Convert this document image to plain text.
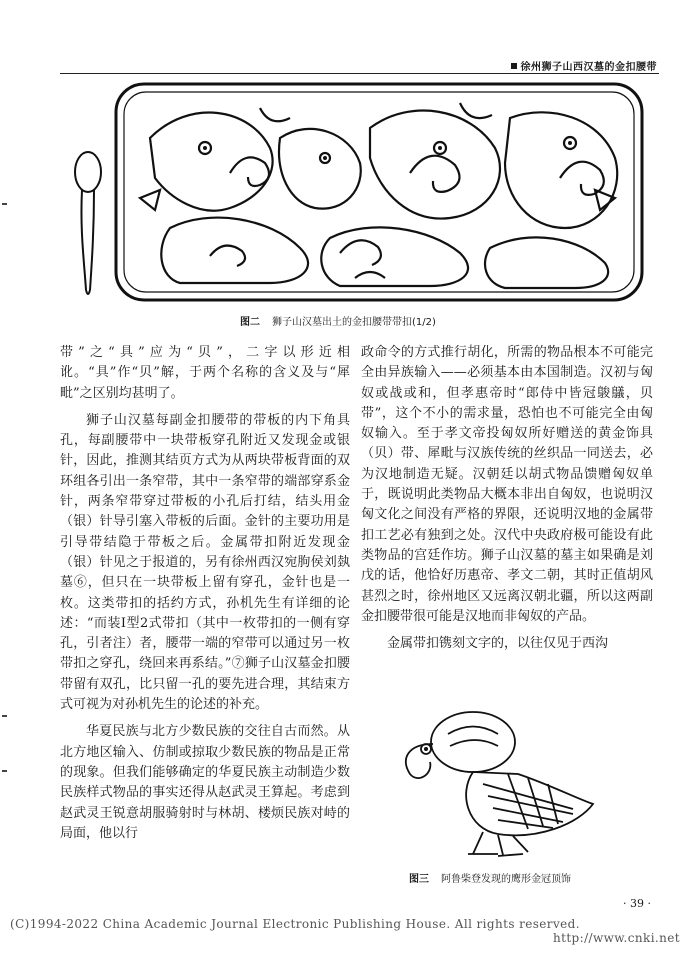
徐州狮子山西汉墓的金扣腰带
图二 狮子山汉墓出土的金扣腰带带扣(1/2)

带”之“具”应为“贝”，二字以形近相讹。“具”作“贝”解，于两个名称的含义及与“犀毗”之区别均甚明了。

狮子山汉墓每副金扣腰带的带板的内下角具孔，每副腰带中一块带板穿孔附近又发现金或银针，因此，推测其结页方式为从两块带板背面的双环组各引出一条窄带，其中一条窄带的端部穿系金针，两条窄带穿过带板的小孔后打结，结头用金（银）针导引塞入带板的后面。金针的主要功用是引导带结隐于带板之后。金属带扣附近发现金（银）针见之于报道的，另有徐州西汉宛朐侯刘埶墓⑥，但只在一块带板上留有穿孔，金针也是一枚。这类带扣的括约方式，孙机先生有详细的论述：“而装Ⅰ型2式带扣（其中一枚带扣的一侧有穿孔，引者注）者，腰带一端的窄带可以通过另一枚带扣之穿孔，绕回来再系结。”⑦狮子山汉墓金扣腰带留有双孔，比只留一孔的要先进合理，其结束方式可视为对孙机先生的论述的补充。

华夏民族与北方少数民族的交往自古而然。从北方地区输入、仿制或掠取少数民族的物品是正常的现象。但我们能够确定的华夏民族主动制造少数民族样式物品的事实还得从赵武灵王算起。考虑到赵武灵王锐意胡服骑射时与林胡、楼烦民族对峙的局面，他以行

政命令的方式推行胡化，所需的物品根本不可能完全由异族输入——必须基本由本国制造。汉初与匈奴或战或和，但孝惠帝时“郎侍中皆冠鵔鸃，贝带”，这个不小的需求量，恐怕也不可能完全由匈奴输入。至于孝文帝投匈奴所好赠送的黄金饰具（贝）带、犀毗与汉族传统的丝织品一同送去，必为汉地制造无疑。汉朝廷以胡式物品馈赠匈奴单于，既说明此类物品大概本非出自匈奴，也说明汉匈文化之间没有严格的界限，还说明汉地的金属带扣工艺必有独到之处。汉代中央政府极可能设有此类物品的宫廷作坊。狮子山汉墓的墓主如果确是刘戊的话，他恰好历惠帝、孝文二朝，其时正值胡风甚烈之时，徐州地区又远离汉朝北疆，所以这两副金扣腰带很可能是汉地而非匈奴的产品。

金属带扣镌刻文字的，以往仅见于西沟

图三 阿鲁柴登发现的鹰形金冠顶饰
· 39 ·
(C)1994-2022 China Academic Journal Electronic Publishing House. All rights reserved.
http://www.cnki.net
